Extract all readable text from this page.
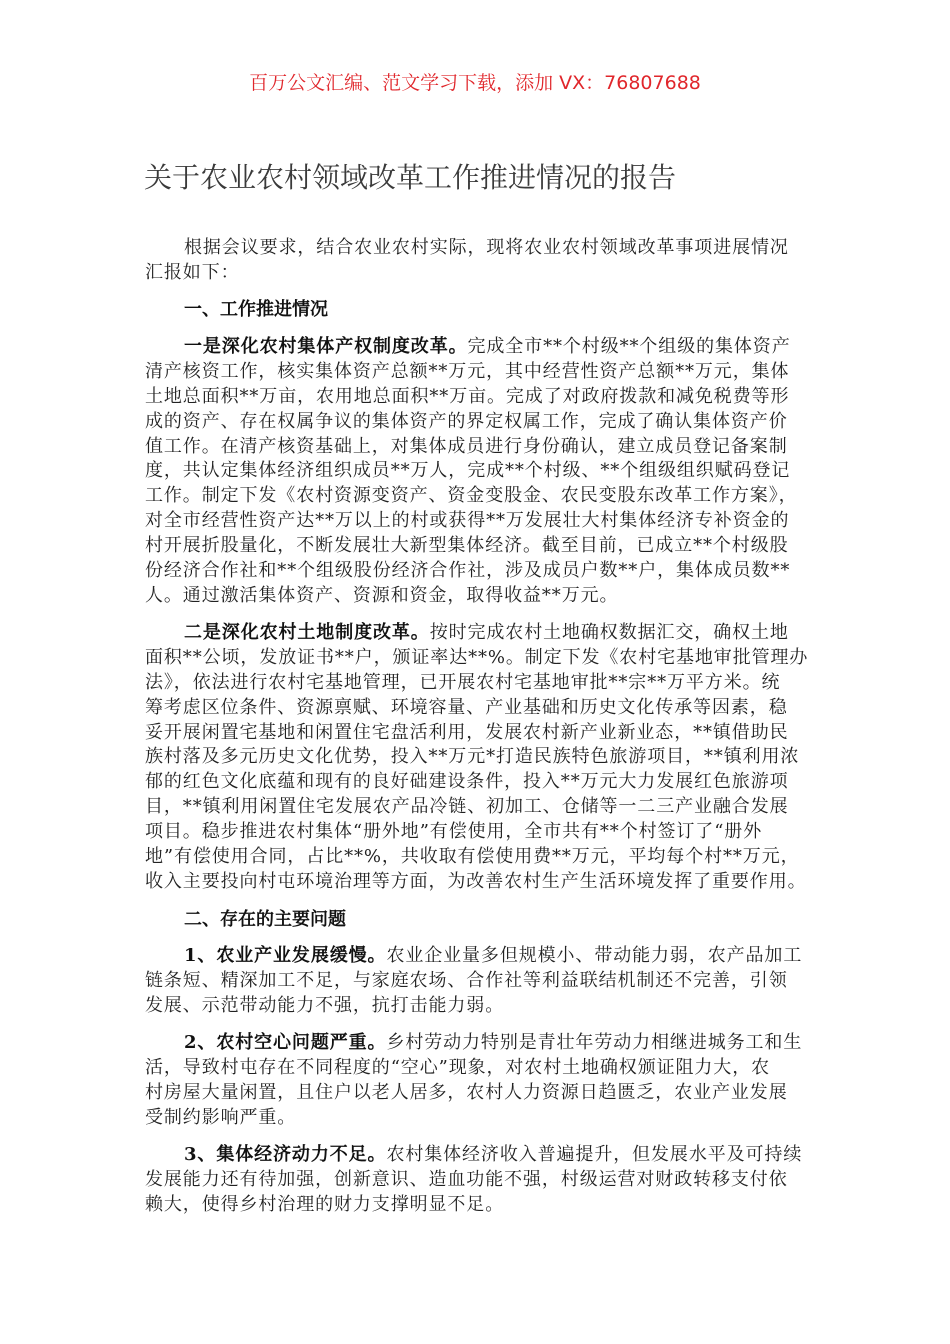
百万公文汇编、范文学习下载，添加 VX：76807688
关于农业农村领域改革工作推进情况的报告
根据会议要求，结合农业农村实际，现将农业农村领域改革事项进展情况
汇报如下：
一、工作推进情况
一是深化农村集体产权制度改革。完成全市**个村级**个组级的集体资产
清产核资工作，核实集体资产总额**万元，其中经营性资产总额**万元，集体
土地总面积**万亩，农用地总面积**万亩。完成了对政府拨款和减免税费等形
成的资产、存在权属争议的集体资产的界定权属工作，完成了确认集体资产价
值工作。在清产核资基础上，对集体成员进行身份确认，建立成员登记备案制
度，共认定集体经济组织成员**万人，完成**个村级、**个组级组织赋码登记
工作。制定下发《农村资源变资产、资金变股金、农民变股东改革工作方案》，
对全市经营性资产达**万以上的村或获得**万发展壮大村集体经济专补资金的
村开展折股量化，不断发展壮大新型集体经济。截至目前，已成立**个村级股
份经济合作社和**个组级股份经济合作社，涉及成员户数**户，集体成员数**
人。通过激活集体资产、资源和资金，取得收益**万元。
二是深化农村土地制度改革。按时完成农村土地确权数据汇交，确权土地
面积**公顷，发放证书**户，颁证率达**%。制定下发《农村宅基地审批管理办
法》，依法进行农村宅基地管理，已开展农村宅基地审批**宗**万平方米。统
筹考虑区位条件、资源禀赋、环境容量、产业基础和历史文化传承等因素，稳
妥开展闲置宅基地和闲置住宅盘活利用，发展农村新产业新业态，**镇借助民
族村落及多元历史文化优势，投入**万元*打造民族特色旅游项目，**镇利用浓
郁的红色文化底蕴和现有的良好础建设条件，投入**万元大力发展红色旅游项
目，**镇利用闲置住宅发展农产品冷链、初加工、仓储等一二三产业融合发展
项目。稳步推进农村集体“册外地”有偿使用，全市共有**个村签订了“册外
地”有偿使用合同，占比**%，共收取有偿使用费**万元，平均每个村**万元，
收入主要投向村屯环境治理等方面，为改善农村生产生活环境发挥了重要作用。
二、存在的主要问题
1、农业产业发展缓慢。农业企业量多但规模小、带动能力弱，农产品加工
链条短、精深加工不足，与家庭农场、合作社等利益联结机制还不完善，引领
发展、示范带动能力不强，抗打击能力弱。
2、农村空心问题严重。乡村劳动力特别是青壮年劳动力相继进城务工和生
活，导致村屯存在不同程度的“空心”现象，对农村土地确权颁证阻力大，农
村房屋大量闲置，且住户以老人居多，农村人力资源日趋匮乏，农业产业发展
受制约影响严重。
3、集体经济动力不足。农村集体经济收入普遍提升，但发展水平及可持续
发展能力还有待加强，创新意识、造血功能不强，村级运营对财政转移支付依
赖大，使得乡村治理的财力支撑明显不足。
